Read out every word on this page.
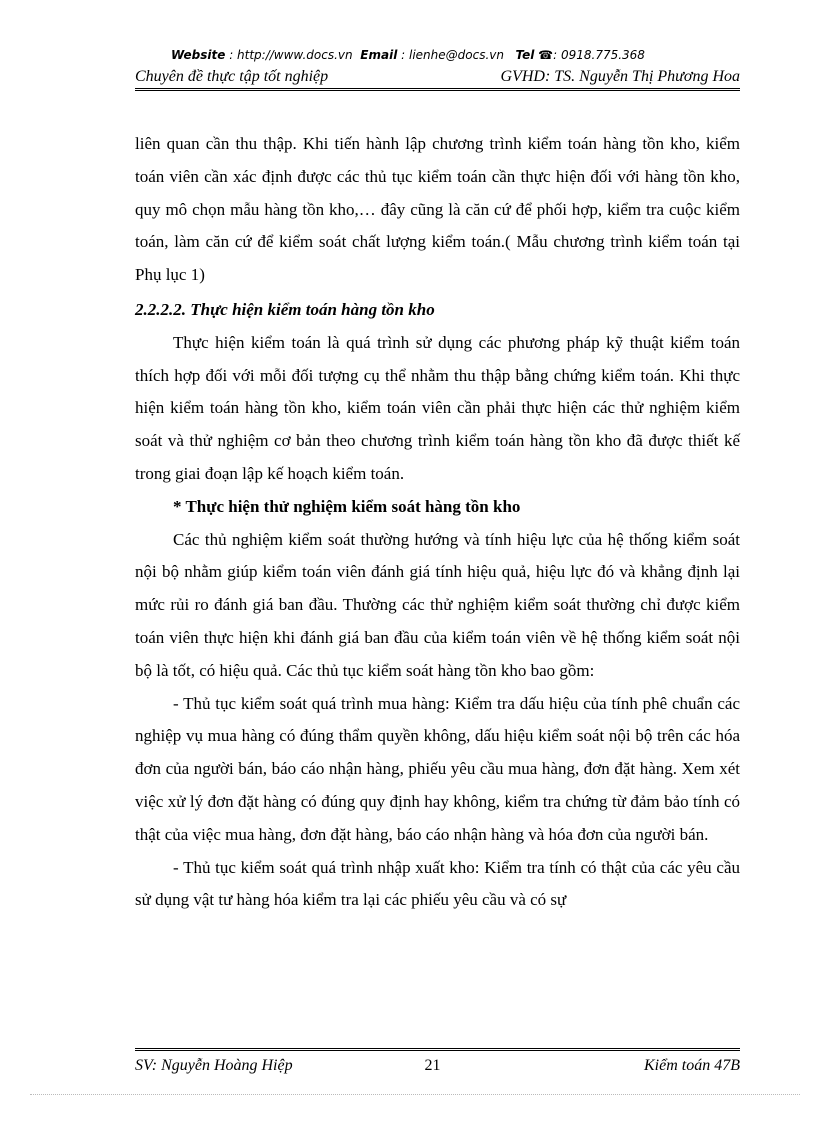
Website : http://www.docs.vn Email : lienhe@docs.vn Tel ☎: 0918.775.368
Chuyên đề thực tập tốt nghiệp	GVHD: TS. Nguyễn Thị Phương Hoa

liên quan cần thu thập. Khi tiến hành lập chương trình kiểm toán hàng tồn kho, kiểm toán viên cần xác định được các thủ tục kiểm toán cần thực hiện đối với hàng tồn kho, quy mô chọn mẫu hàng tồn kho,… đây cũng là căn cứ để phối hợp, kiểm tra cuộc kiểm toán, làm căn cứ để kiểm soát chất lượng kiểm toán.( Mẫu chương trình kiểm toán tại Phụ lục 1)

2.2.2.2. Thực hiện kiểm toán hàng tồn kho

Thực hiện kiểm toán là quá trình sử dụng các phương pháp kỹ thuật kiểm toán thích hợp đối với mỗi đối tượng cụ thể nhằm thu thập bằng chứng kiểm toán. Khi thực hiện kiểm toán hàng tồn kho, kiểm toán viên cần phải thực hiện các thử nghiệm kiểm soát và thử nghiệm cơ bản theo chương trình kiểm toán hàng tồn kho đã được thiết kế trong giai đoạn lập kế hoạch kiểm toán.

* Thực hiện thử nghiệm kiểm soát hàng tồn kho

Các thủ nghiệm kiểm soát thường hướng và tính hiệu lực của hệ thống kiểm soát nội bộ nhằm giúp kiểm toán viên đánh giá tính hiệu quả, hiệu lực đó và khẳng định lại mức rủi ro đánh giá ban đầu. Thường các thử nghiệm kiểm soát thường chỉ được kiểm toán viên thực hiện khi đánh giá ban đầu của kiểm toán viên về hệ thống kiểm soát nội bộ là tốt, có hiệu quả. Các thủ tục kiểm soát hàng tồn kho bao gồm:

- Thủ tục kiểm soát quá trình mua hàng: Kiểm tra dấu hiệu của tính phê chuẩn các nghiệp vụ mua hàng có đúng thẩm quyền không, dấu hiệu kiểm soát nội bộ trên các hóa đơn của người bán, báo cáo nhận hàng, phiếu yêu cầu mua hàng, đơn đặt hàng. Xem xét việc xử lý đơn đặt hàng có đúng quy định hay không, kiểm tra chứng từ đảm bảo tính có thật của việc mua hàng, đơn đặt hàng, báo cáo nhận hàng và hóa đơn của người bán.

- Thủ tục kiểm soát quá trình nhập xuất kho: Kiểm tra tính có thật của các yêu cầu sử dụng vật tư hàng hóa kiểm tra lại các phiếu yêu cầu và có sự

SV: Nguyễn Hoàng Hiệp	21	Kiểm toán 47B
